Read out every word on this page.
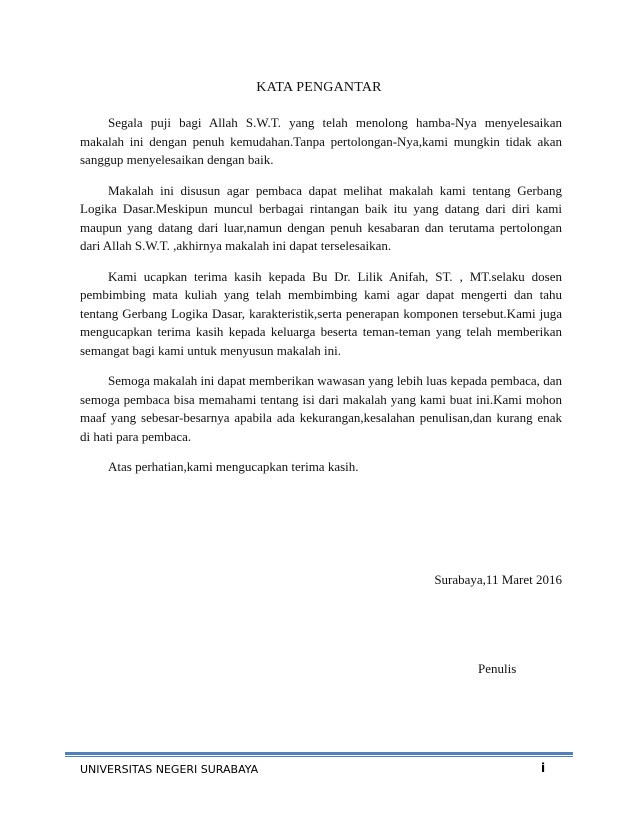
KATA PENGANTAR

Segala puji bagi Allah S.W.T. yang telah menolong hamba-Nya menyelesaikan makalah ini dengan penuh kemudahan.Tanpa pertolongan-Nya,kami mungkin tidak akan sanggup menyelesaikan dengan baik.

Makalah ini disusun agar pembaca dapat melihat makalah kami tentang Gerbang Logika Dasar.Meskipun muncul berbagai rintangan baik itu yang datang dari diri kami maupun yang datang dari luar,namun dengan penuh kesabaran dan terutama pertolongan dari Allah S.W.T. ,akhirnya makalah ini dapat terselesaikan.

Kami ucapkan terima kasih kepada Bu Dr. Lilik Anifah, ST. , MT.selaku dosen pembimbing mata kuliah yang telah membimbing kami agar dapat mengerti dan tahu tentang Gerbang Logika Dasar, karakteristik,serta penerapan komponen tersebut.Kami juga mengucapkan terima kasih kepada keluarga beserta teman-teman yang telah memberikan semangat bagi kami untuk menyusun makalah ini.

Semoga makalah ini dapat memberikan wawasan yang lebih luas kepada pembaca, dan semoga pembaca bisa memahami tentang isi dari makalah yang kami buat ini.Kami mohon maaf yang sebesar-besarnya apabila ada kekurangan,kesalahan penulisan,dan kurang enak di hati para pembaca.

Atas perhatian,kami mengucapkan terima kasih.

Surabaya,11 Maret 2016
Penulis
UNIVERSITAS NEGERI SURABAYA	i
